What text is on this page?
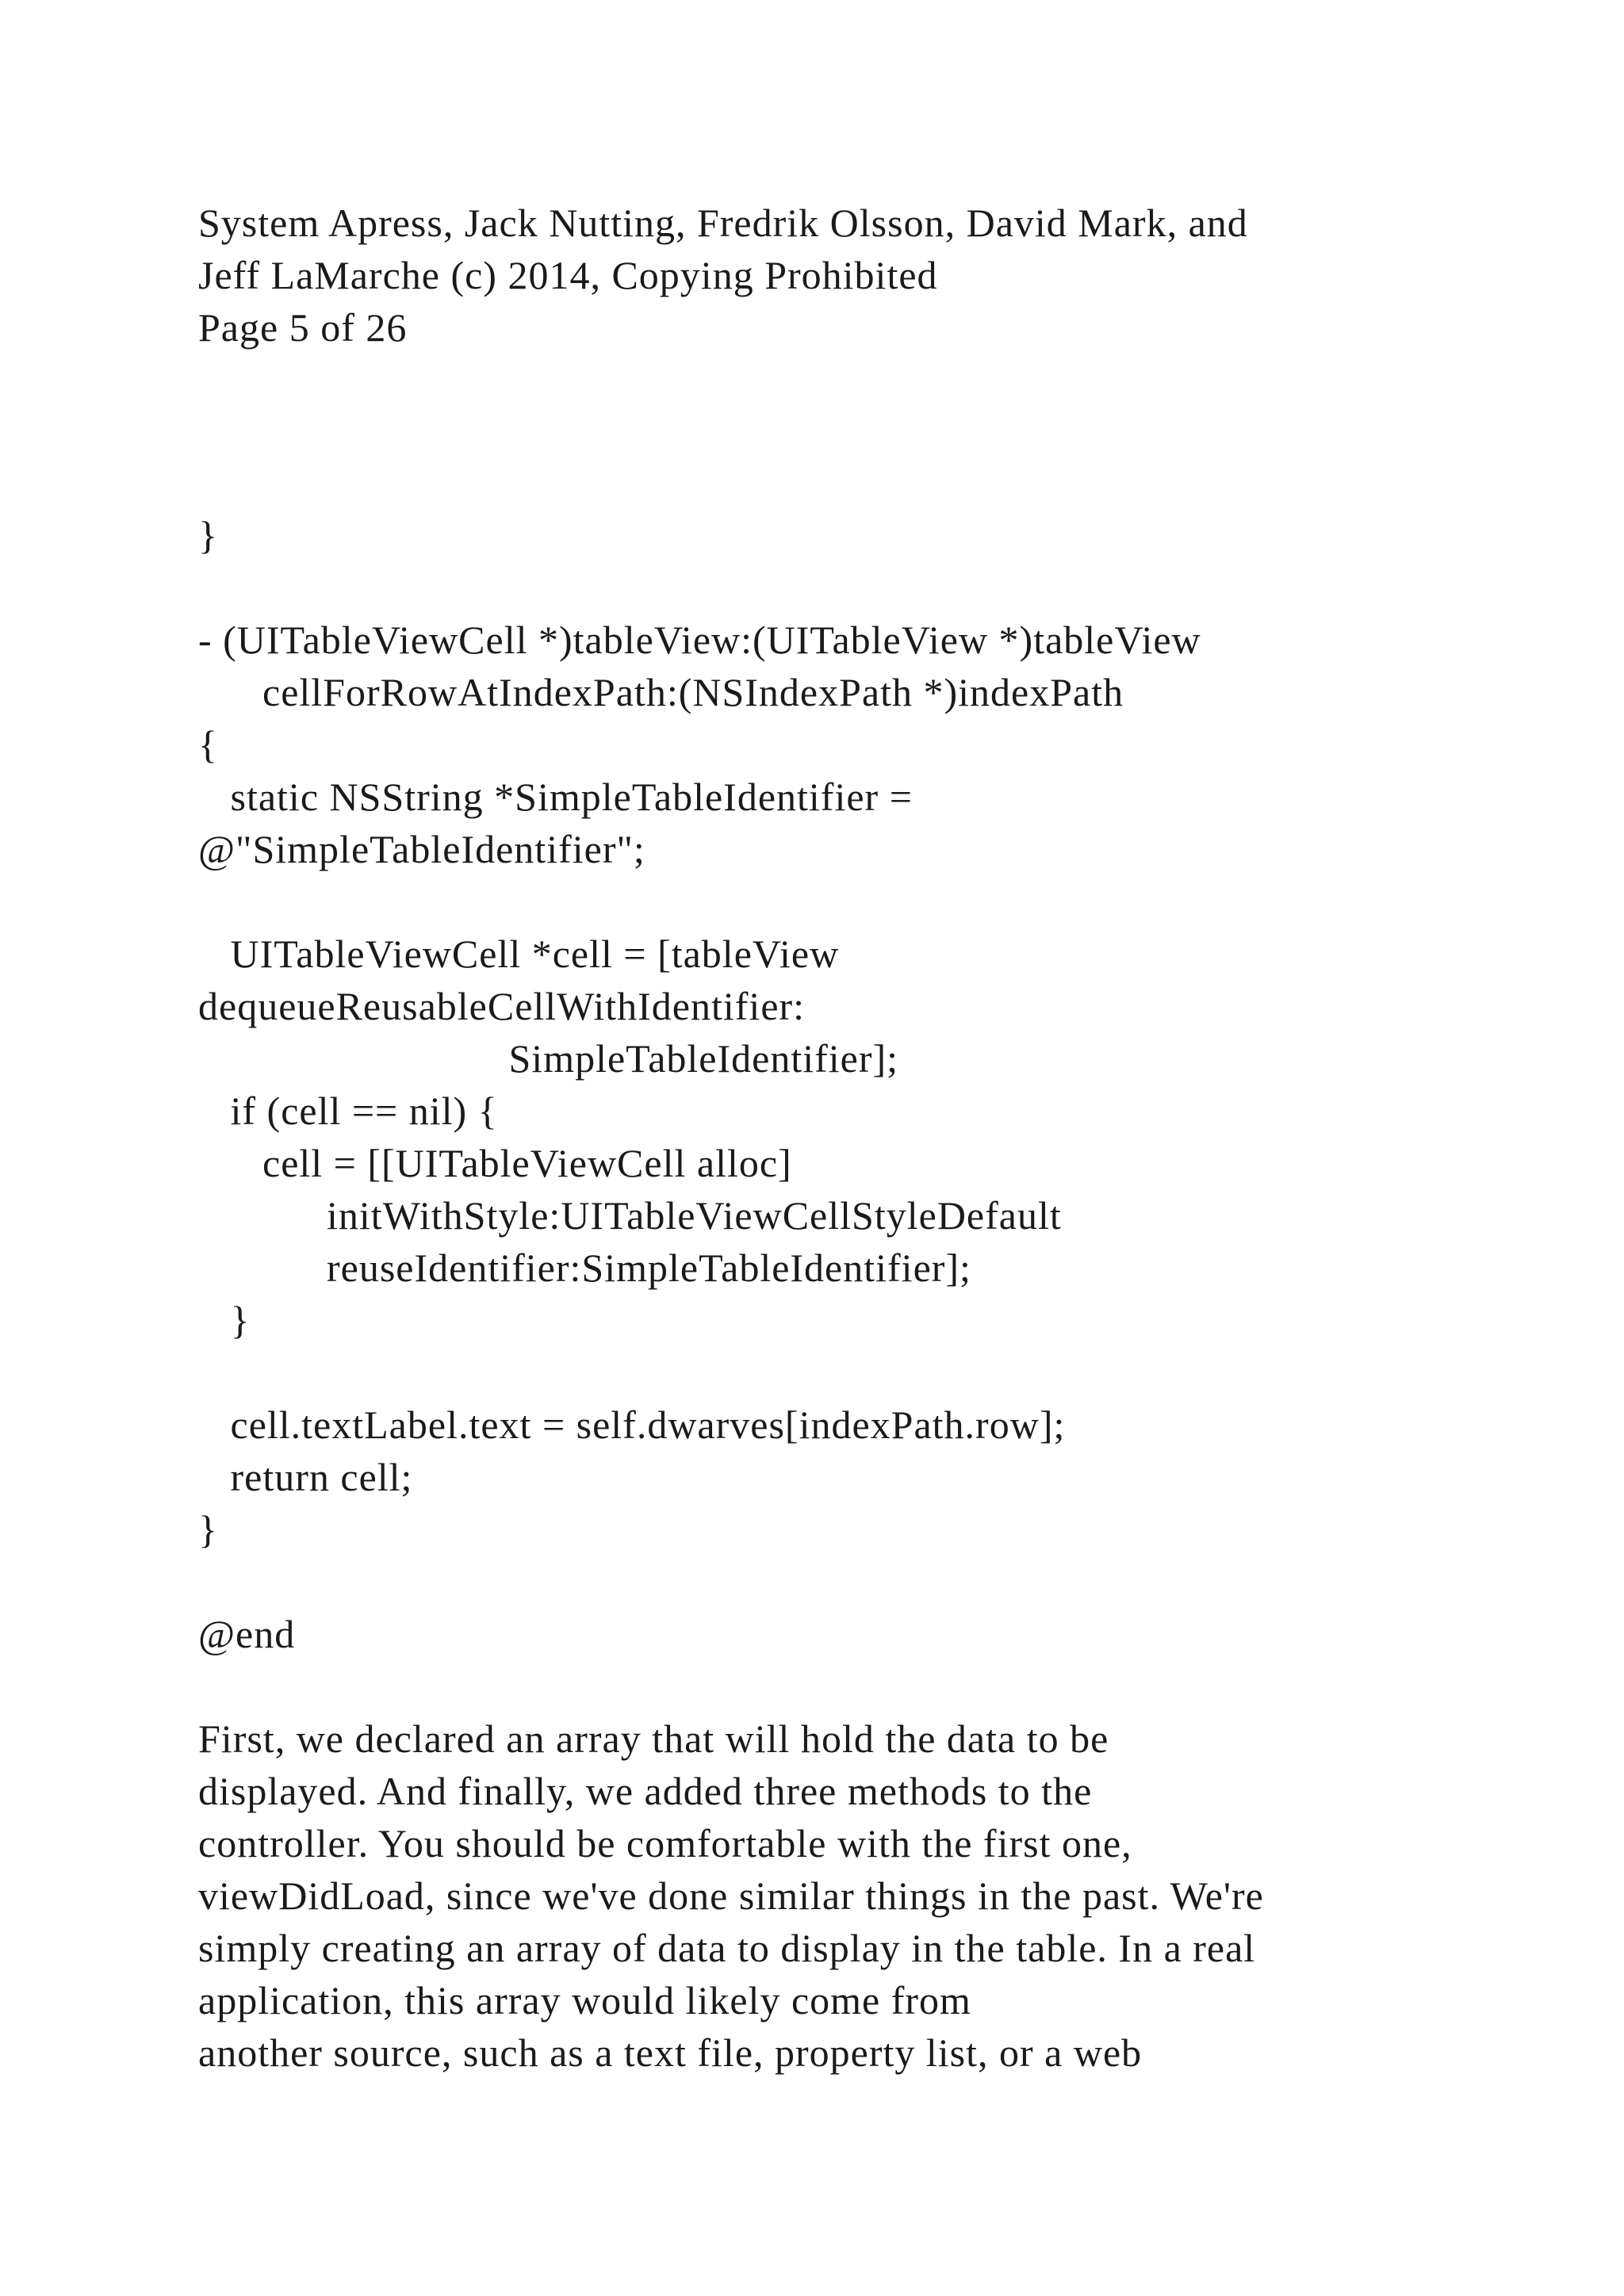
System Apress, Jack Nutting, Fredrik Olsson, David Mark, and

Jeff LaMarche (c) 2014, Copying Prohibited

Page 5 of 26

}

- (UITableViewCell *)tableView:(UITableView *)tableView

cellForRowAtIndexPath:(NSIndexPath *)indexPath

{

static NSString *SimpleTableIdentifier =

@"SimpleTableIdentifier";

UITableViewCell *cell = [tableView

dequeueReusableCellWithIdentifier:

SimpleTableIdentifier];

if (cell == nil) {

cell = [[UITableViewCell alloc]

initWithStyle:UITableViewCellStyleDefault

reuseIdentifier:SimpleTableIdentifier];

}

cell.textLabel.text = self.dwarves[indexPath.row];

return cell;

}

@end

First, we declared an array that will hold the data to be

displayed. And finally, we added three methods to the

controller. You should be comfortable with the first one,

viewDidLoad, since we've done similar things in the past. We're

simply creating an array of data to display in the table. In a real

application, this array would likely come from

another source, such as a text file, property list, or a web
